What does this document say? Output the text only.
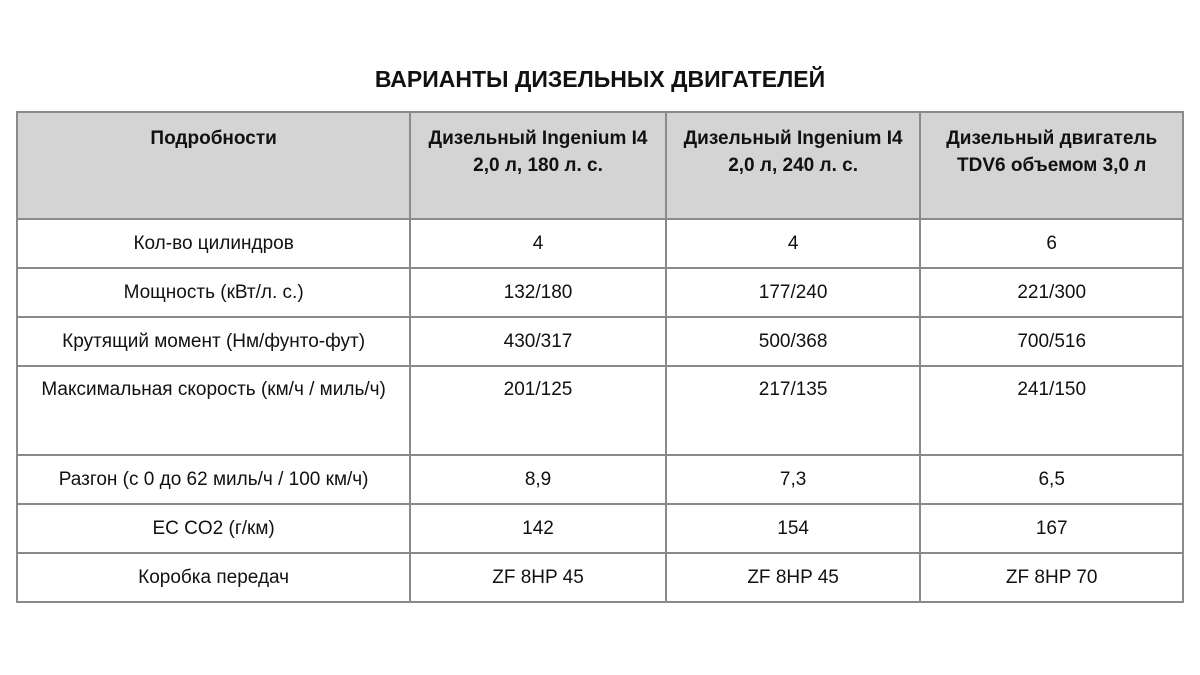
ВАРИАНТЫ ДИЗЕЛЬНЫХ ДВИГАТЕЛЕЙ
Подробности	Дизельный Ingenium I4 2,0 л, 180 л. с.	Дизельный Ingenium I4 2,0 л, 240 л. с.	Дизельный двигатель TDV6 объемом 3,0 л
Кол-во цилиндров	4	4	6
Мощность (кВт/л. с.)	132/180	177/240	221/300
Крутящий момент (Нм/фунто-фут)	430/317	500/368	700/516
Максимальная скорость (км/ч / миль/ч)	201/125	217/135	241/150
Разгон (с 0 до 62 миль/ч / 100 км/ч)	8,9	7,3	6,5
ЕС CO2 (г/км)	142	154	167
Коробка передач	ZF 8HP 45	ZF 8HP 45	ZF 8HP 70
